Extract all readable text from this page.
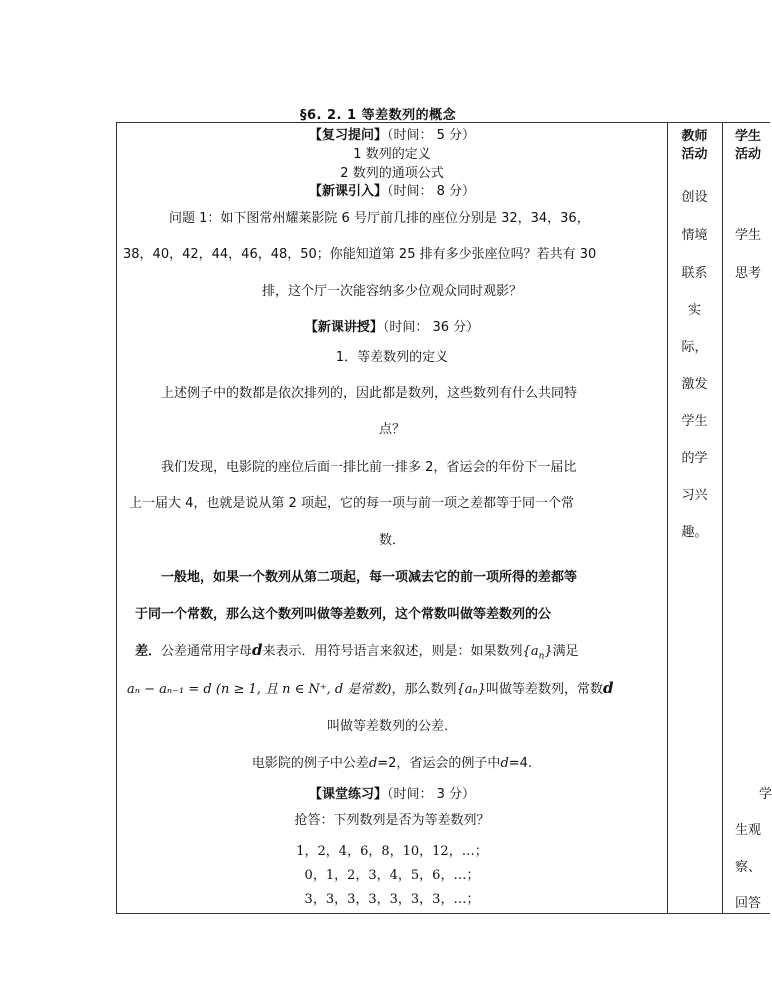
§6. 2. 1 等差数列的概念
【复习提问】（时间： 5 分）
1 数列的定义
2 数列的通项公式
【新课引入】（时间： 8 分）
问题 1：如下图常州耀莱影院 6 号厅前几排的座位分别是 32，34，36，
38，40，42，44，46，48，50；你能知道第 25 排有多少张座位吗？若共有 30
排，这个厅一次能容纳多少位观众同时观影？
【新课讲授】（时间： 36 分）
1．等差数列的定义
上述例子中的数都是依次排列的，因此都是数列，这些数列有什么共同特
点？
我们发现，电影院的座位后面一排比前一排多 2，省运会的年份下一届比
上一届大 4，也就是说从第 2 项起，它的每一项与前一项之差都等于同一个常
数．
一般地，如果一个数列从第二项起，每一项减去它的前一项所得的差都等
于同一个常数，那么这个数列叫做等差数列，这个常数叫做等差数列的公
差．公差通常用字母d来表示．用符号语言来叙述，则是：如果数列$\{a_n\}$满足
aₙ − aₙ₋₁ = d (n ≥ 1, 且 n ∈ N⁺, d 是常数)，那么数列{aₙ}叫做等差数列，常数d
叫做等差数列的公差．
电影院的例子中公差d=2，省运会的例子中d=4.
【课堂练习】（时间： 3 分）
抢答：下列数列是否为等差数列？
1，2，4，6，8，10，12，…；
0，1，2，3，4，5，6，…；
3，3，3，3，3，3，3，…；
教师
活动
创设
情境
联系
实
际，
激发
学生
的学
习兴
趣。
学生
活动
学生
思考
学
生观
察、
回答
